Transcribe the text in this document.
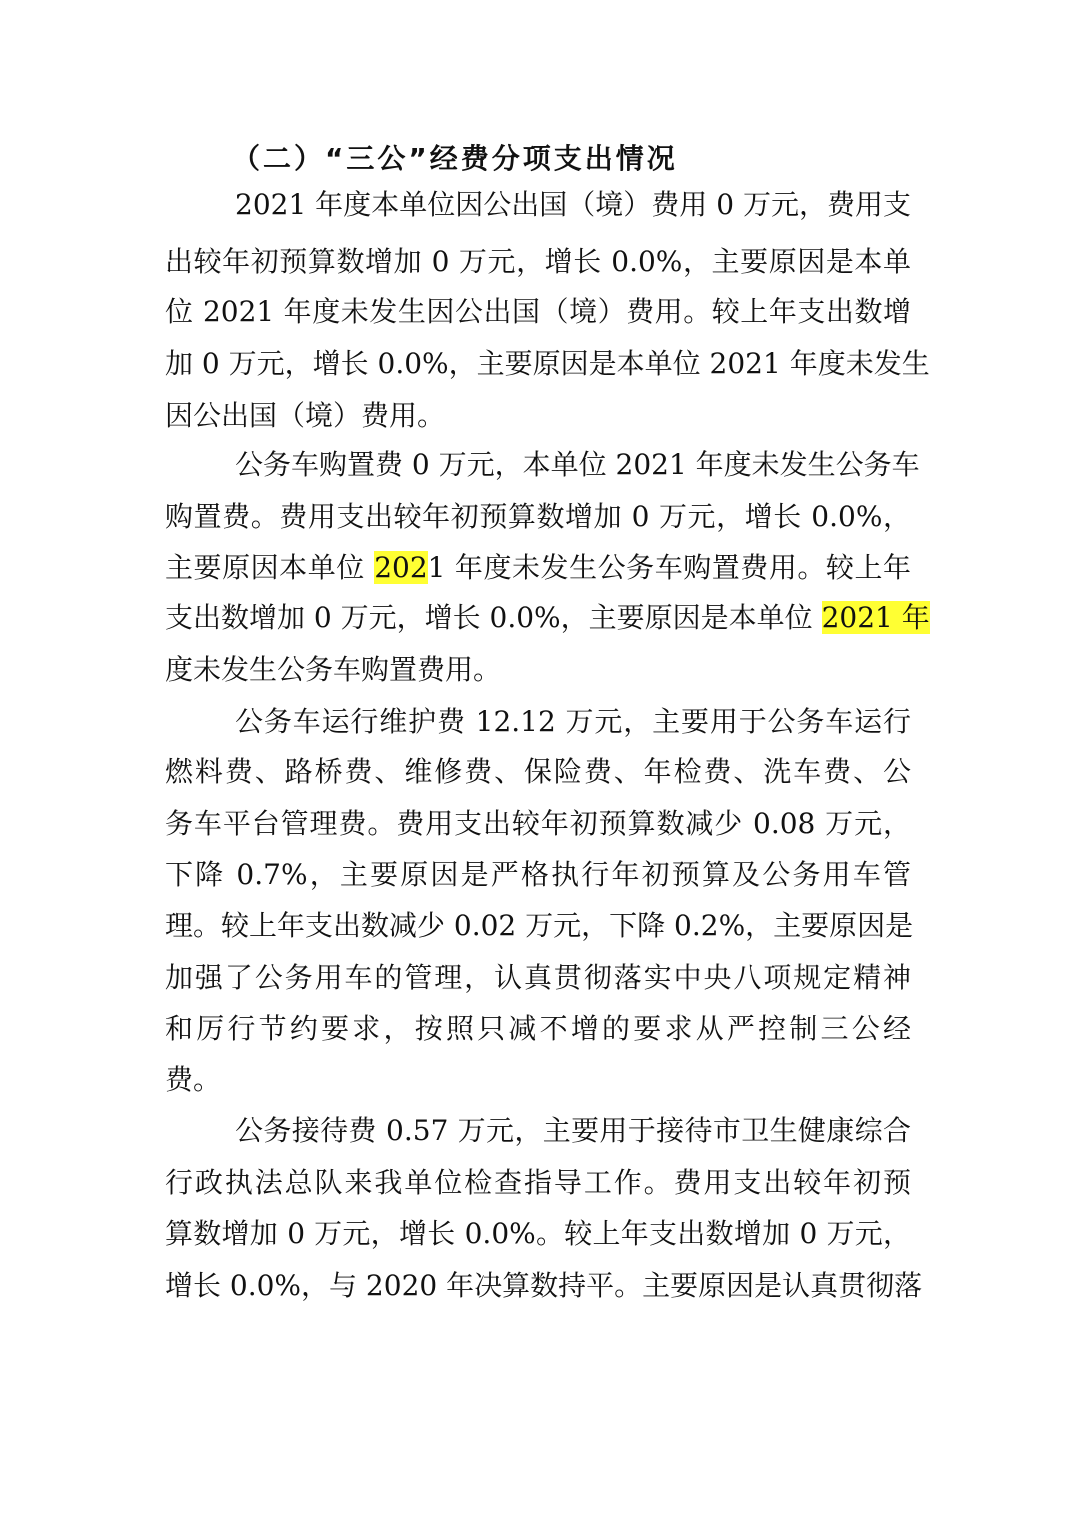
（二）“三公”经费分项支出情况
2021 年度本单位因公出国（境）费用 0 万元，费用支
出较年初预算数增加 0 万元，增长 0.0%，主要原因是本单
位 2021 年度未发生因公出国（境）费用。较上年支出数增
加 0 万元，增长 0.0%，主要原因是本单位 2021 年度未发生
因公出国（境）费用。
公务车购置费 0 万元，本单位 2021 年度未发生公务车
购置费。费用支出较年初预算数增加 0 万元，增长 0.0%，
主要原因本单位 2021 年度未发生公务车购置费用。较上年
支出数增加 0 万元，增长 0.0%，主要原因是本单位 2021 年
度未发生公务车购置费用。
公务车运行维护费 12.12 万元，主要用于公务车运行
燃料费、路桥费、维修费、保险费、年检费、洗车费、公
务车平台管理费。费用支出较年初预算数减少 0.08 万元，
下降 0.7%，主要原因是严格执行年初预算及公务用车管
理。较上年支出数减少 0.02 万元，下降 0.2%，主要原因是
加强了公务用车的管理，认真贯彻落实中央八项规定精神
和厉行节约要求，按照只减不增的要求从严控制三公经
费。
公务接待费 0.57 万元，主要用于接待市卫生健康综合
行政执法总队来我单位检查指导工作。费用支出较年初预
算数增加 0 万元，增长 0.0%。较上年支出数增加 0 万元，
增长 0.0%，与 2020 年决算数持平。主要原因是认真贯彻落
